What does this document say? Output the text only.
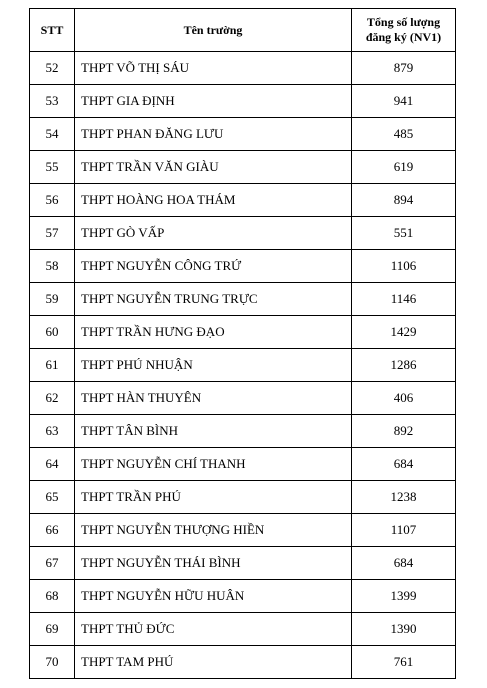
STT	Tên trường	Tổng số lượng
đăng ký (NV1)
52	THPT VÕ THỊ SÁU	879
53	THPT GIA ĐỊNH	941
54	THPT PHAN ĐĂNG LƯU	485
55	THPT TRẦN VĂN GIÀU	619
56	THPT HOÀNG HOA THÁM	894
57	THPT GÒ VẤP	551
58	THPT NGUYỄN CÔNG TRỨ	1106
59	THPT NGUYỄN TRUNG TRỰC	1146
60	THPT TRẦN HƯNG ĐẠO	1429
61	THPT PHÚ NHUẬN	1286
62	THPT HÀN THUYÊN	406
63	THPT TÂN BÌNH	892
64	THPT NGUYỄN CHÍ THANH	684
65	THPT TRẦN PHÚ	1238
66	THPT NGUYỄN THƯỢNG HIỀN	1107
67	THPT NGUYỄN THÁI BÌNH	684
68	THPT NGUYỄN HỮU HUÂN	1399
69	THPT THỦ ĐỨC	1390
70	THPT TAM PHÚ	761
